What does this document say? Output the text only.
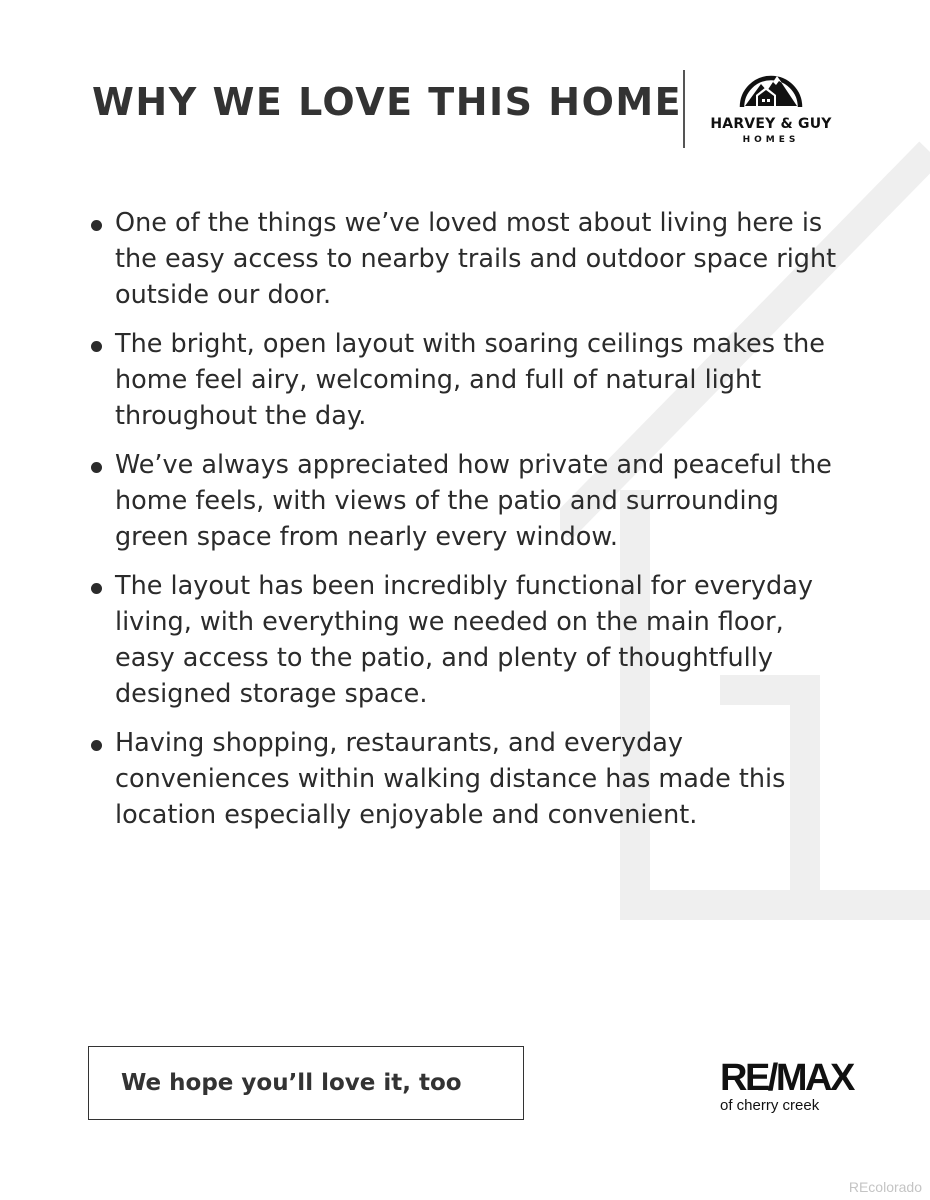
WHY WE LOVE THIS HOME	HARVEY & GUY
HOMES
One of the things we’ve loved most about living here is the easy access to nearby trails and outdoor space right outside our door.
The bright, open layout with soaring ceilings makes the home feel airy, welcoming, and full of natural light throughout the day.
We’ve always appreciated how private and peaceful the home feels, with views of the patio and surrounding green space from nearly every window.
The layout has been incredibly functional for everyday living, with everything we needed on the main floor, easy access to the patio, and plenty of thoughtfully designed storage space.
Having shopping, restaurants, and everyday conveniences within walking distance has made this location especially enjoyable and convenient.
We hope you’ll love it, too	RE/MAX
of cherry creek
REcolorado
